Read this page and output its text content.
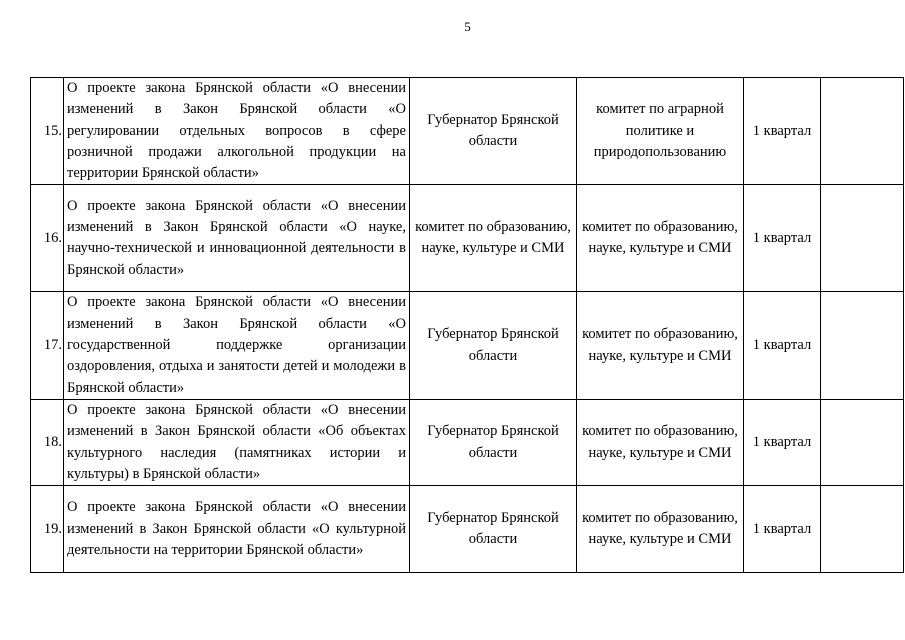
5
15.	О проекте закона Брянской области «О внесении изменений в Закон Брянской области «О регулировании отдельных вопросов в сфере розничной продажи алкогольной продукции на территории Брянской области»	Губернатор Брянской области	комитет по аграрной политике и природопользованию	1 квартал	
16.	О проекте закона Брянской области «О внесении изменений в Закон Брянской области «О науке, научно-технической и инновационной деятельности в Брянской области»	комитет по образованию, науке, культуре и СМИ	комитет по образованию, науке, культуре и СМИ	1 квартал	
17.	О проекте закона Брянской области «О внесении изменений в Закон Брянской области «О государственной поддержке организации оздоровления, отдыха и занятости детей и молодежи в Брянской области»	Губернатор Брянской области	комитет по образованию, науке, культуре и СМИ	1 квартал	
18.	О проекте закона Брянской области «О внесении изменений в Закон Брянской области «Об объектах культурного наследия (памятниках истории и культуры) в Брянской области»	Губернатор Брянской области	комитет по образованию, науке, культуре и СМИ	1 квартал	
19.	О проекте закона Брянской области «О внесении изменений в Закон Брянской области «О культурной деятельности на территории Брянской области»	Губернатор Брянской области	комитет по образованию, науке, культуре и СМИ	1 квартал	
